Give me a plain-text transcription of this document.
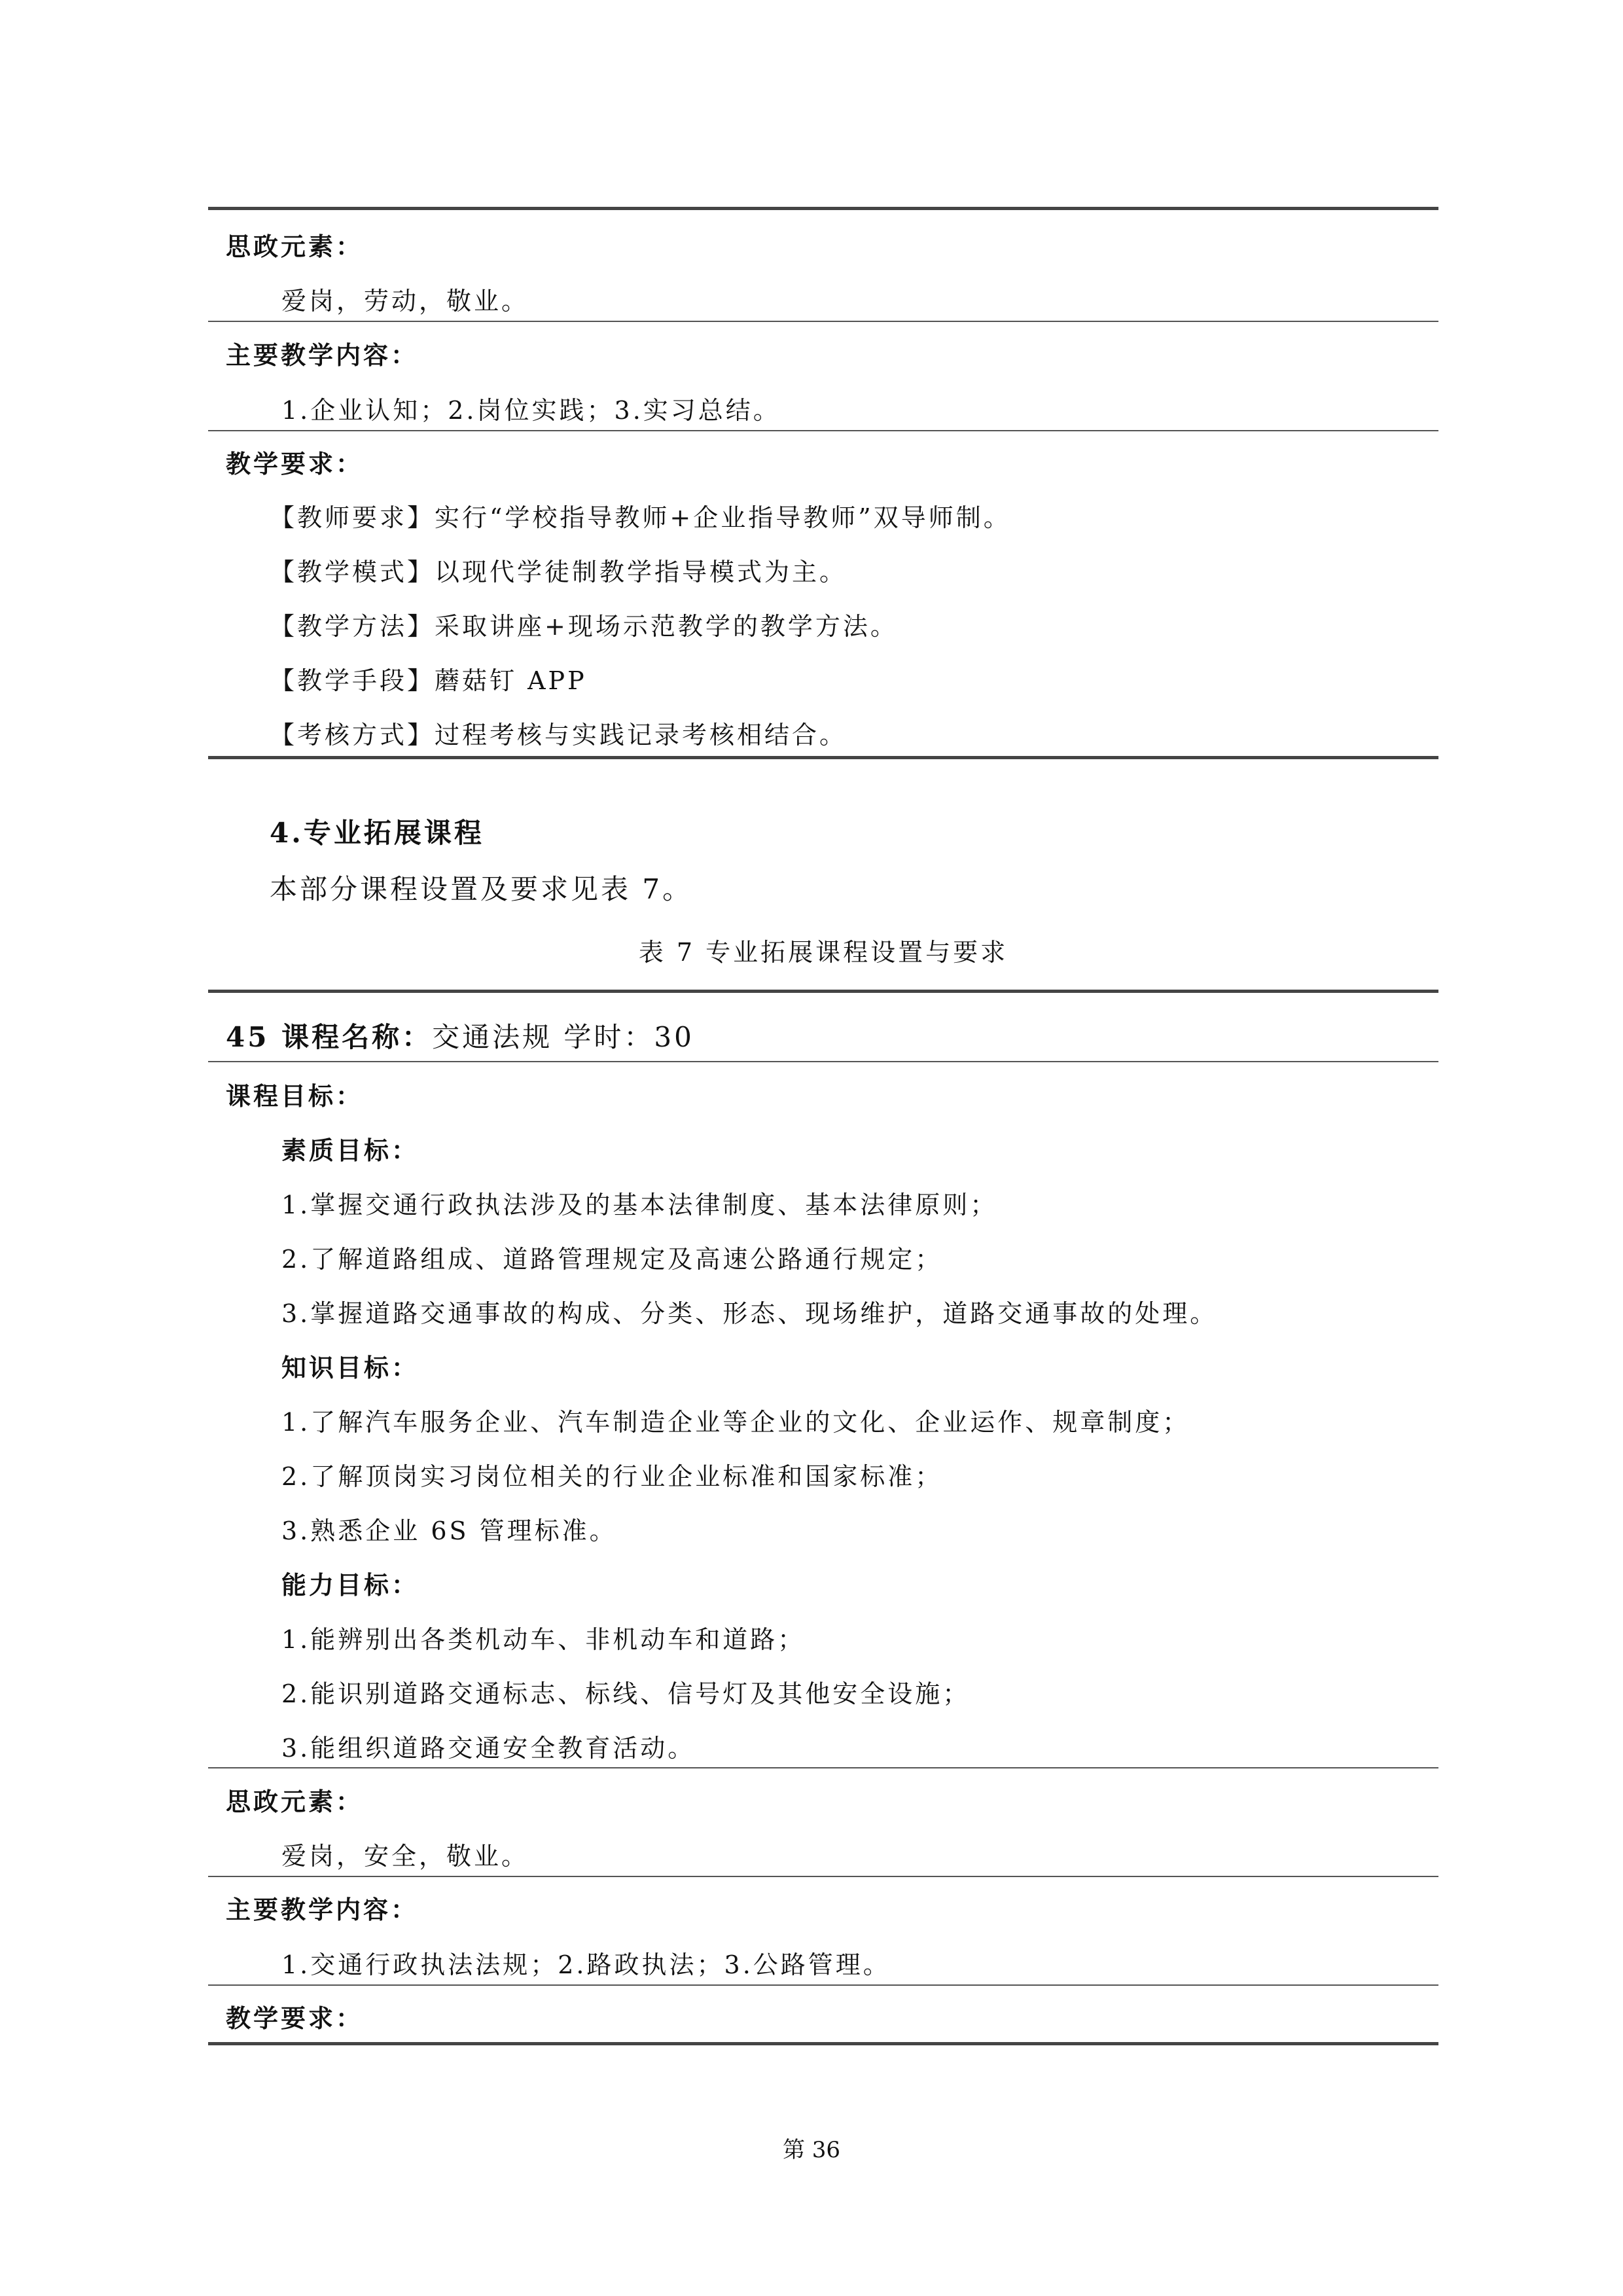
思政元素：
爱岗，劳动，敬业。
主要教学内容：
1.企业认知；2.岗位实践；3.实习总结。
教学要求：
【教师要求】实行“学校指导教师+企业指导教师”双导师制。
【教学模式】以现代学徒制教学指导模式为主。
【教学方法】采取讲座+现场示范教学的教学方法。
【教学手段】蘑菇钉 APP
【考核方式】过程考核与实践记录考核相结合。
4.专业拓展课程
本部分课程设置及要求见表 7。
表 7 专业拓展课程设置与要求
45 课程名称：交通法规 学时：30
课程目标：
素质目标：
1.掌握交通行政执法涉及的基本法律制度、基本法律原则；
2.了解道路组成、道路管理规定及高速公路通行规定；
3.掌握道路交通事故的构成、分类、形态、现场维护，道路交通事故的处理。
知识目标：
1.了解汽车服务企业、汽车制造企业等企业的文化、企业运作、规章制度；
2.了解顶岗实习岗位相关的行业企业标准和国家标准；
3.熟悉企业 6S 管理标准。
能力目标：
1.能辨别出各类机动车、非机动车和道路；
2.能识别道路交通标志、标线、信号灯及其他安全设施；
3.能组织道路交通安全教育活动。
思政元素：
爱岗，安全，敬业。
主要教学内容：
1.交通行政执法法规；2.路政执法；3.公路管理。
教学要求：
第 36
